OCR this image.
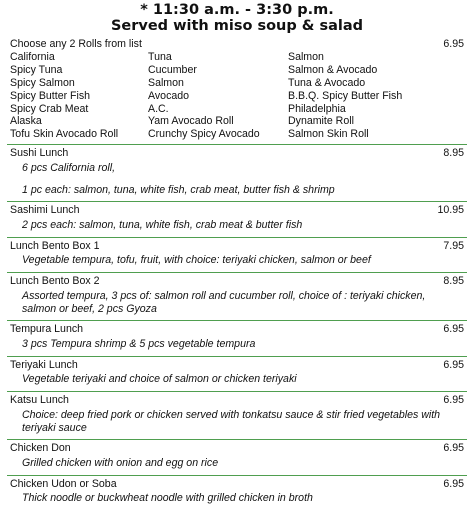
* 11:30 a.m. - 3:30 p.m.
Served with miso soup & salad
Choose any 2 Rolls from list	6.95
California	Tuna	Salmon
Spicy Tuna	Cucumber	Salmon & Avocado
Spicy Salmon	Salmon	Tuna & Avocado
Spicy Butter Fish	Avocado	B.B.Q. Spicy Butter Fish
Spicy Crab Meat	A.C.	Philadelphia
Alaska	Yam Avocado Roll	Dynamite Roll
Tofu Skin Avocado Roll	Crunchy Spicy Avocado	Salmon Skin Roll
Sushi Lunch	8.95
6 pcs California roll,
1 pc each: salmon, tuna, white fish, crab meat, butter fish & shrimp
Sashimi Lunch	10.95
2 pcs each: salmon, tuna, white fish, crab meat & butter fish
Lunch Bento Box 1	7.95
Vegetable tempura, tofu, fruit, with choice: teriyaki chicken, salmon or beef
Lunch Bento Box 2	8.95
Assorted tempura, 3 pcs of: salmon roll and cucumber roll, choice of : teriyaki chicken, salmon or beef, 2 pcs Gyoza
Tempura Lunch	6.95
3 pcs Tempura shrimp & 5 pcs vegetable tempura
Teriyaki Lunch	6.95
Vegetable teriyaki and choice of salmon or chicken teriyaki
Katsu Lunch	6.95
Choice: deep fried pork or chicken served with tonkatsu sauce & stir fried vegetables with teriyaki sauce
Chicken Don	6.95
Grilled chicken with onion and egg on rice
Chicken Udon or Soba	6.95
Thick noodle or buckwheat noodle with grilled chicken in broth
